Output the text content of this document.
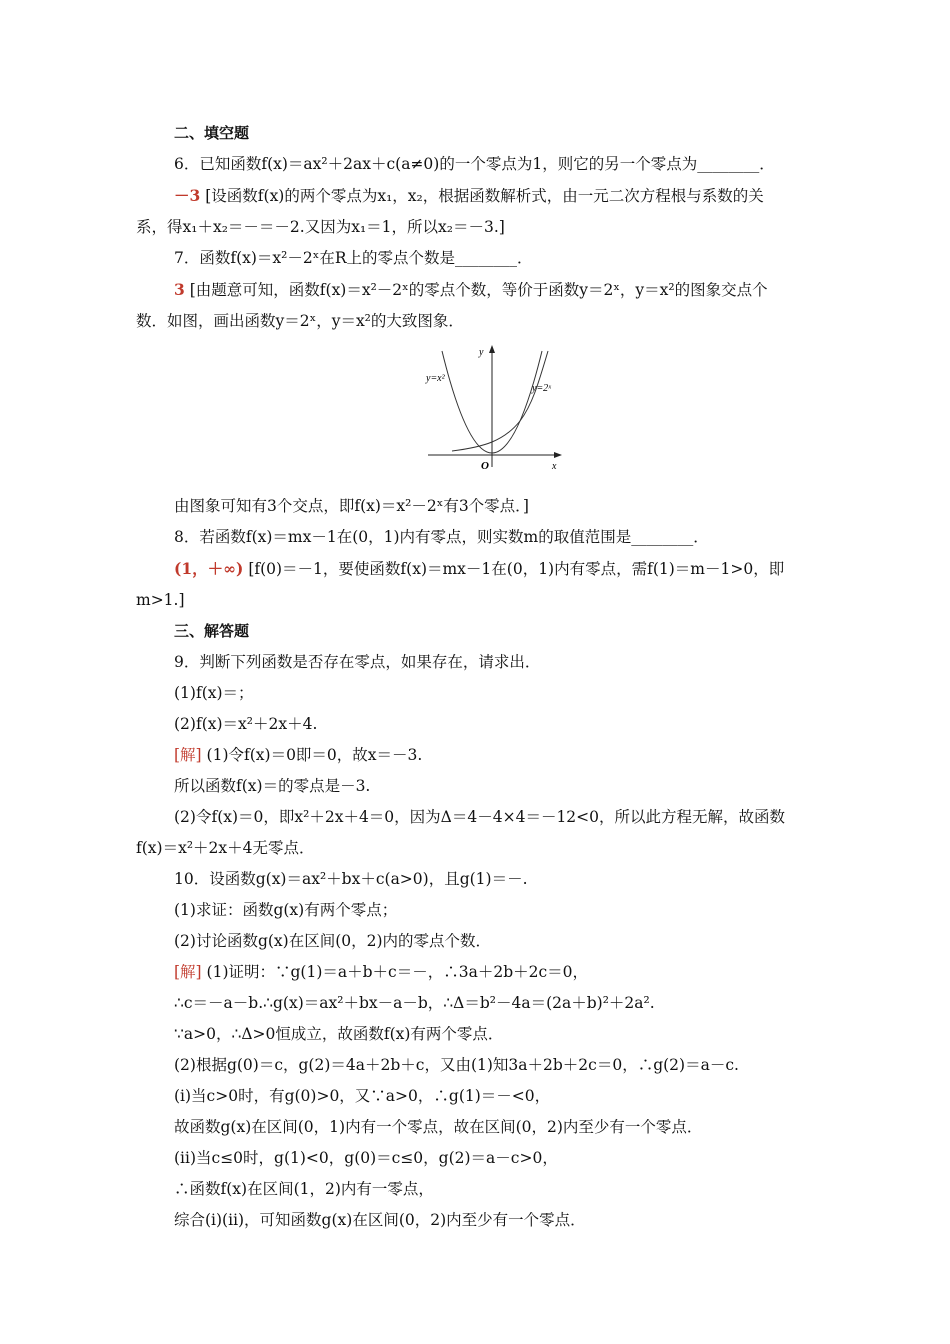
二、填空题
6．已知函数f(x)＝ax²＋2ax＋c(a≠0)的一个零点为1，则它的另一个零点为________．
－3 [设函数f(x)的两个零点为x₁，x₂，根据函数解析式，由一元二次方程根与系数的关
系，得x₁＋x₂＝－＝－2.又因为x₁＝1，所以x₂＝－3.]
7．函数f(x)＝x²－2ˣ在R上的零点个数是________．
3 [由题意可知，函数f(x)＝x²－2ˣ的零点个数，等价于函数y＝2ˣ，y＝x²的图象交点个
数．如图，画出函数y＝2ˣ，y＝x²的大致图象．
y=x²
y=2ˣ
y
x
O
由图象可知有3个交点，即f(x)＝x²－2ˣ有3个零点．]
8．若函数f(x)＝mx－1在(0，1)内有零点，则实数m的取值范围是________．
(1，＋∞) [f(0)＝－1，要使函数f(x)＝mx－1在(0，1)内有零点，需f(1)＝m－1>0，即
m>1.]
三、解答题
9．判断下列函数是否存在零点，如果存在，请求出．
(1)f(x)＝；
(2)f(x)＝x²＋2x＋4.
[解] (1)令f(x)＝0即＝0，故x＝－3.
所以函数f(x)＝的零点是－3.
(2)令f(x)＝0，即x²＋2x＋4＝0，因为Δ＝4－4×4＝－12<0，所以此方程无解，故函数
f(x)＝x²＋2x＋4无零点．
10．设函数g(x)＝ax²＋bx＋c(a>0)，且g(1)＝－.
(1)求证：函数g(x)有两个零点；
(2)讨论函数g(x)在区间(0，2)内的零点个数．
[解] (1)证明：∵g(1)＝a＋b＋c＝－，∴3a＋2b＋2c＝0，
∴c＝－a－b.∴g(x)＝ax²＋bx－a－b，∴Δ＝b²－4a＝(2a＋b)²＋2a².
∵a>0，∴Δ>0恒成立，故函数f(x)有两个零点．
(2)根据g(0)＝c，g(2)＝4a＋2b＋c，又由(1)知3a＋2b＋2c＝0，∴g(2)＝a－c.
(ⅰ)当c>0时，有g(0)>0，又∵a>0，∴g(1)＝－<0，
故函数g(x)在区间(0，1)内有一个零点，故在区间(0，2)内至少有一个零点．
(ⅱ)当c≤0时，g(1)<0，g(0)＝c≤0，g(2)＝a－c>0，
∴函数f(x)在区间(1，2)内有一零点，
综合(ⅰ)(ⅱ)，可知函数g(x)在区间(0，2)内至少有一个零点．
